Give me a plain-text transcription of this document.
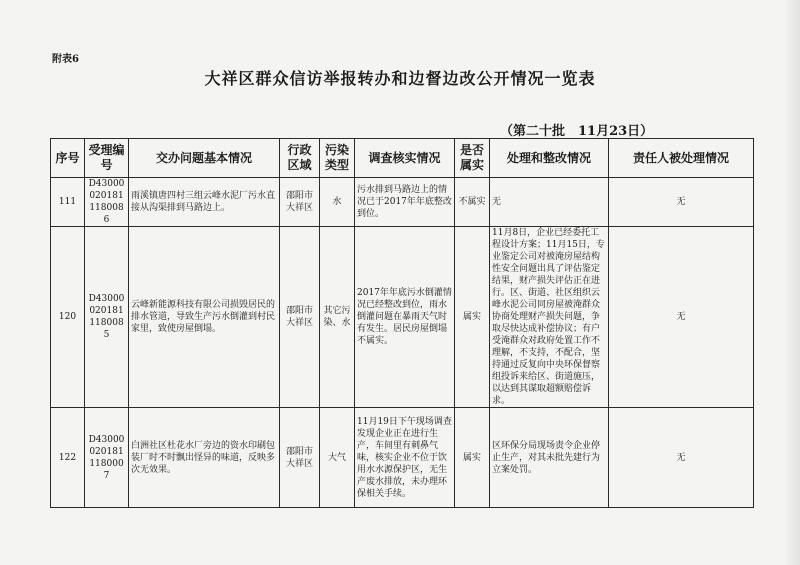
附表6
大祥区群众信访举报转办和边督边改公开情况一览表
（第二十批　11月23日）
序号	受理编号	交办问题基本情况	行政区域	污染类型	调查核实情况	是否属实	处理和整改情况	责任人被处理情况
111	D430000201811180086	雨溪镇唐四村三组云峰水泥厂污水直接从沟渠排到马路边上。	邵阳市大祥区	水	污水排到马路边上的情况已于2017年年底整改到位。	不属实	无	无
120	D430000201811180085	云峰新能源科技有限公司损毁居民的排水管道，导致生产污水倒灌到村民家里，致使房屋倒塌。	邵阳市大祥区	其它污染、水	2017年年底污水倒灌情况已经整改到位，雨水倒灌问题在暴雨天气时有发生。居民房屋倒塌不属实。	属实	11月8日，企业已经委托工程设计方案；11月15日，专业鉴定公司对被淹房屋结构性安全问题出具了评估鉴定结果，财产损失评估正在进行。区、街道、社区组织云峰水泥公司同房屋被淹群众协商处理财产损失问题，争取尽快达成补偿协议；有户受淹群众对政府处置工作不理解，不支持，不配合，坚持通过反复向中央环保督察组投诉来给区、街道施压，以达到其谋取超额赔偿诉求。	无
122	D430000201811180007	白洲社区杜花水厂旁边的资水印刷包装厂时不时飘出怪异的味道，反映多次无效果。	邵阳市大祥区	大气	11月19日下午现场调查发现企业正在进行生产，车间里有刺鼻气味，核实企业不位于饮用水水源保护区，无生产废水排放，未办理环保相关手续。	属实	区环保分局现场责令企业停止生产，对其未批先建行为立案处罚。	无
